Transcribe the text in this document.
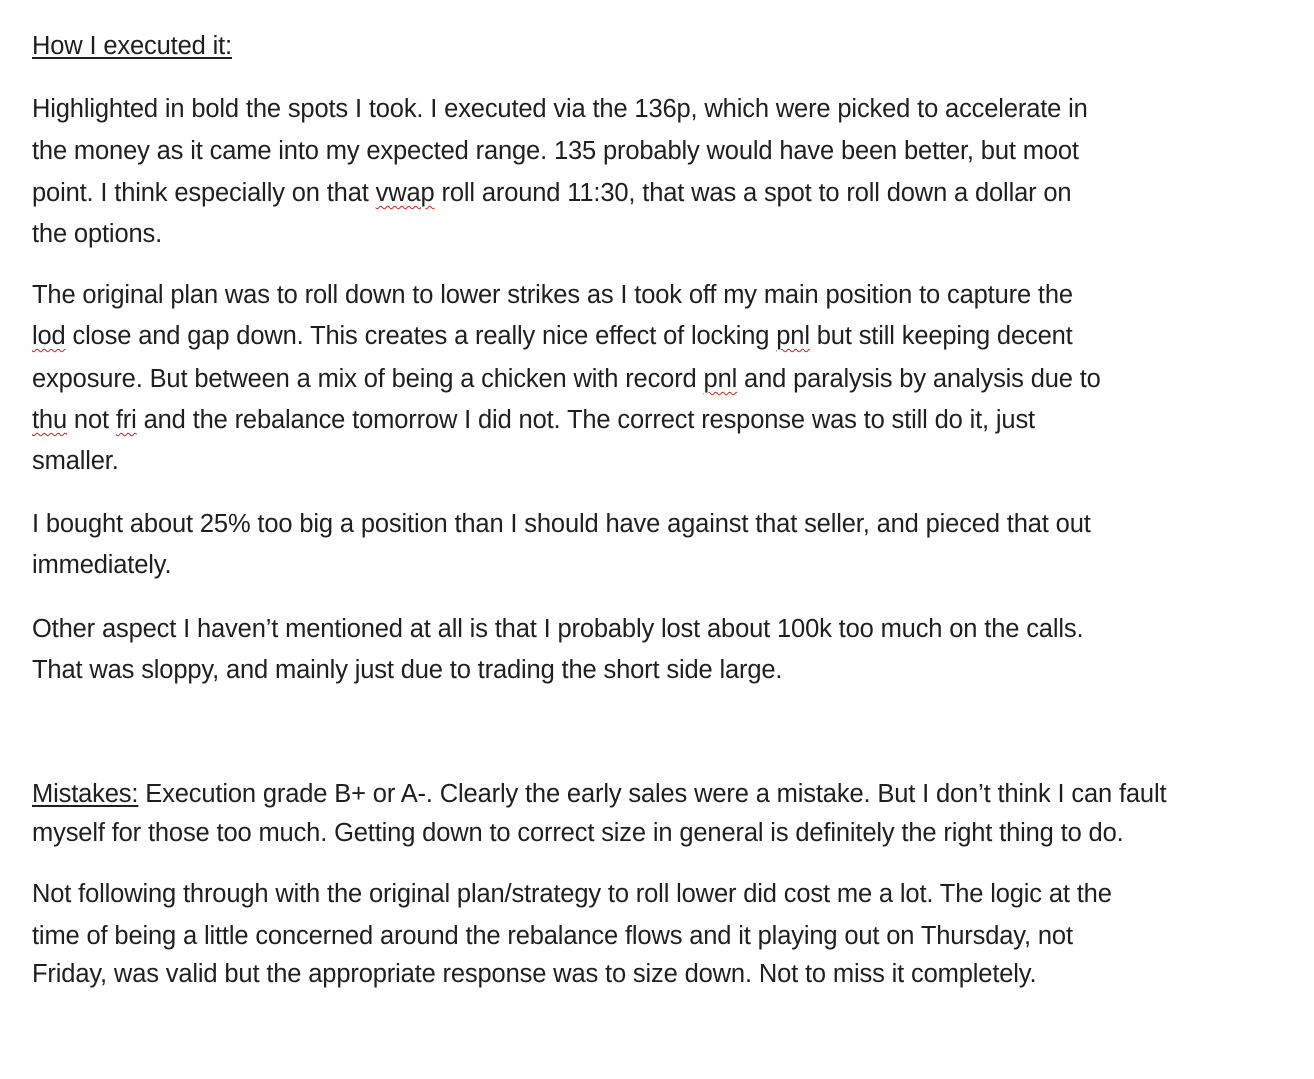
How I executed it:
Highlighted in bold the spots I took. I executed via the 136p, which were picked to accelerate in
the money as it came into my expected range. 135 probably would have been better, but moot
point. I think especially on that vwap roll around 11:30, that was a spot to roll down a dollar on
the options.
The original plan was to roll down to lower strikes as I took off my main position to capture the
lod close and gap down. This creates a really nice effect of locking pnl but still keeping decent
exposure. But between a mix of being a chicken with record pnl and paralysis by analysis due to
thu not fri and the rebalance tomorrow I did not. The correct response was to still do it, just
smaller.
I bought about 25% too big a position than I should have against that seller, and pieced that out
immediately.
Other aspect I haven’t mentioned at all is that I probably lost about 100k too much on the calls.
That was sloppy, and mainly just due to trading the short side large.
Mistakes: Execution grade B+ or A-. Clearly the early sales were a mistake. But I don’t think I can fault
myself for those too much. Getting down to correct size in general is definitely the right thing to do.
Not following through with the original plan/strategy to roll lower did cost me a lot. The logic at the
time of being a little concerned around the rebalance flows and it playing out on Thursday, not
Friday, was valid but the appropriate response was to size down. Not to miss it completely.
